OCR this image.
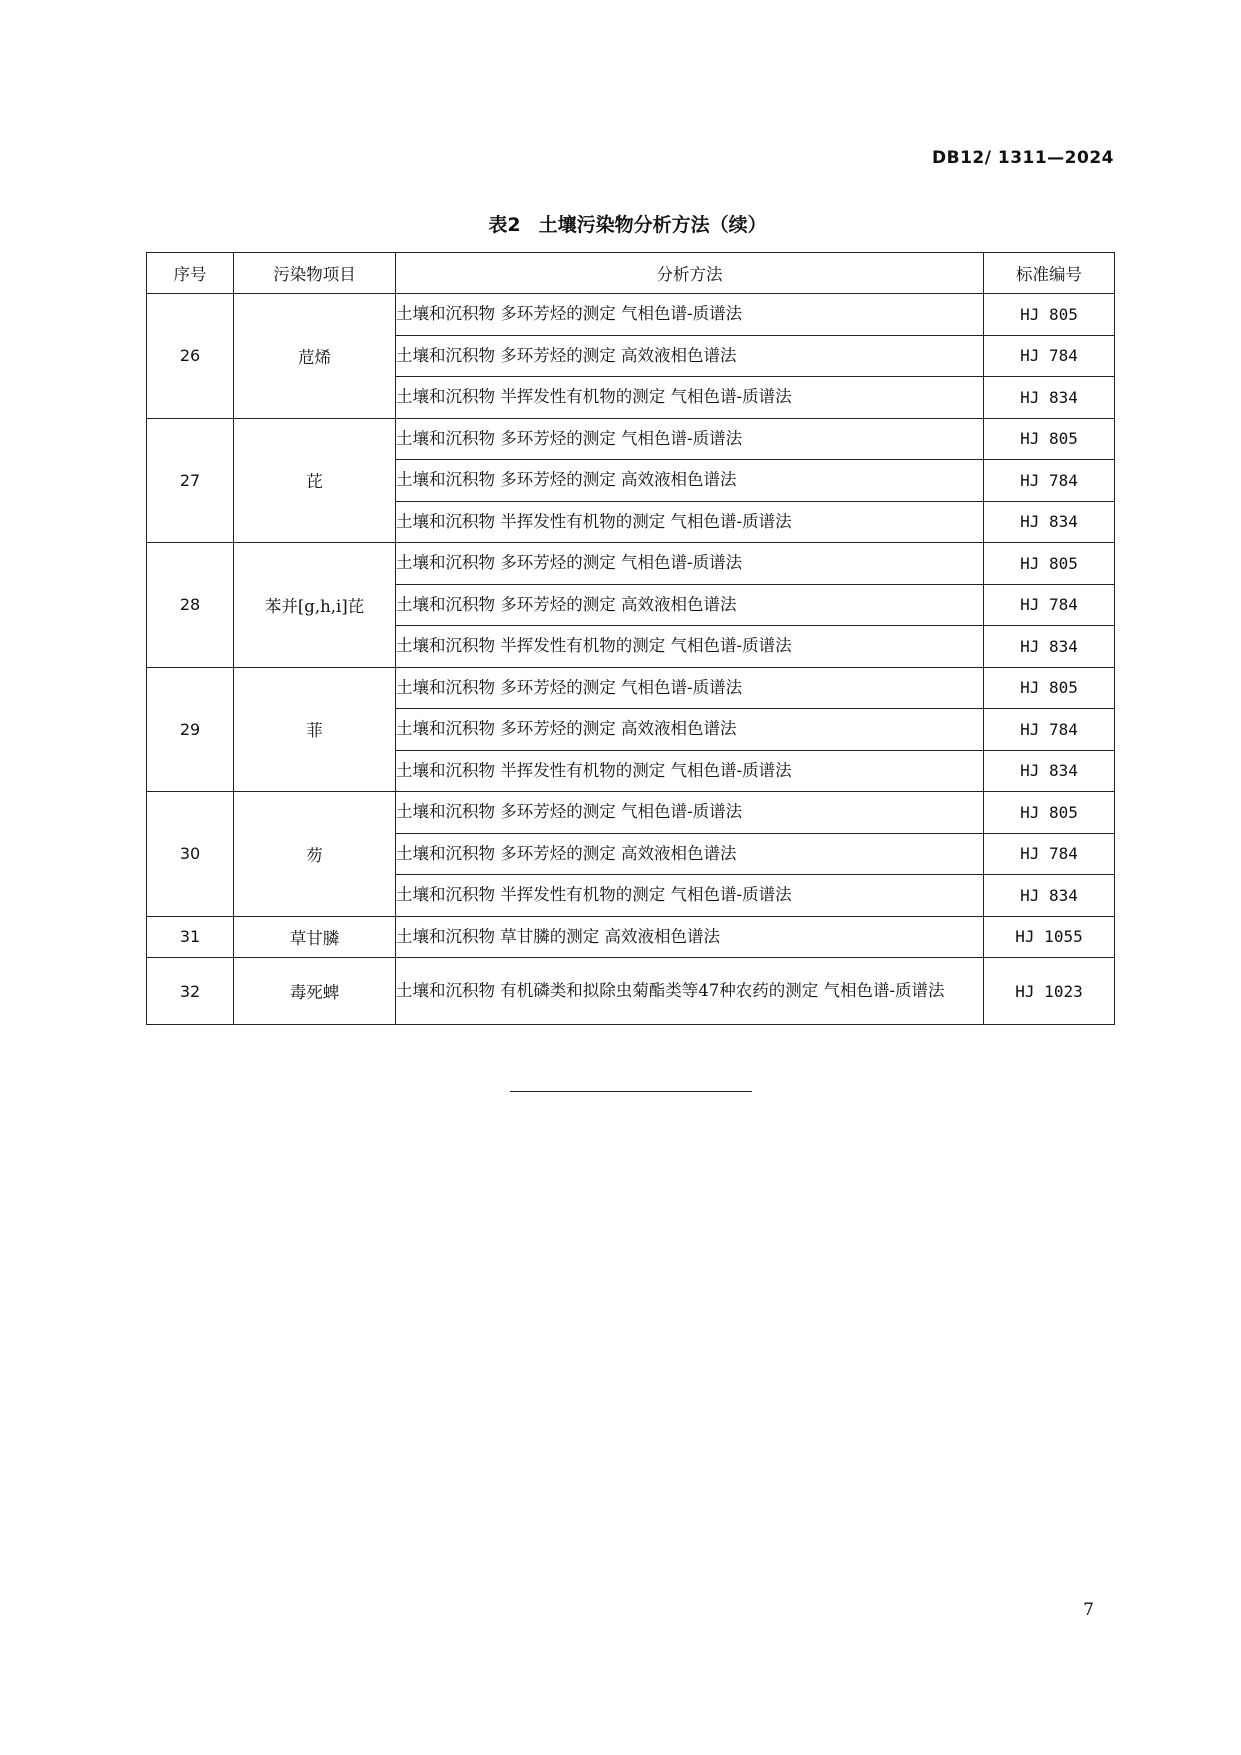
DB12/ 1311—2024
表2 土壤污染物分析方法（续）
序号	污染物项目	分析方法	标准编号
26	苊烯	土壤和沉积物 多环芳烃的测定 气相色谱-质谱法	HJ 805
		土壤和沉积物 多环芳烃的测定 高效液相色谱法	HJ 784
		土壤和沉积物 半挥发性有机物的测定 气相色谱-质谱法	HJ 834
27	芘	土壤和沉积物 多环芳烃的测定 气相色谱-质谱法	HJ 805
		土壤和沉积物 多环芳烃的测定 高效液相色谱法	HJ 784
		土壤和沉积物 半挥发性有机物的测定 气相色谱-质谱法	HJ 834
28	苯并[g,h,i]芘	土壤和沉积物 多环芳烃的测定 气相色谱-质谱法	HJ 805
		土壤和沉积物 多环芳烃的测定 高效液相色谱法	HJ 784
		土壤和沉积物 半挥发性有机物的测定 气相色谱-质谱法	HJ 834
29	菲	土壤和沉积物 多环芳烃的测定 气相色谱-质谱法	HJ 805
		土壤和沉积物 多环芳烃的测定 高效液相色谱法	HJ 784
		土壤和沉积物 半挥发性有机物的测定 气相色谱-质谱法	HJ 834
30	芴	土壤和沉积物 多环芳烃的测定 气相色谱-质谱法	HJ 805
		土壤和沉积物 多环芳烃的测定 高效液相色谱法	HJ 784
		土壤和沉积物 半挥发性有机物的测定 气相色谱-质谱法	HJ 834
31	草甘膦	土壤和沉积物 草甘膦的测定 高效液相色谱法	HJ 1055
32	毒死蜱	土壤和沉积物 有机磷类和拟除虫菊酯类等47种农药的测定 气相色谱-质谱法	HJ 1023
7
